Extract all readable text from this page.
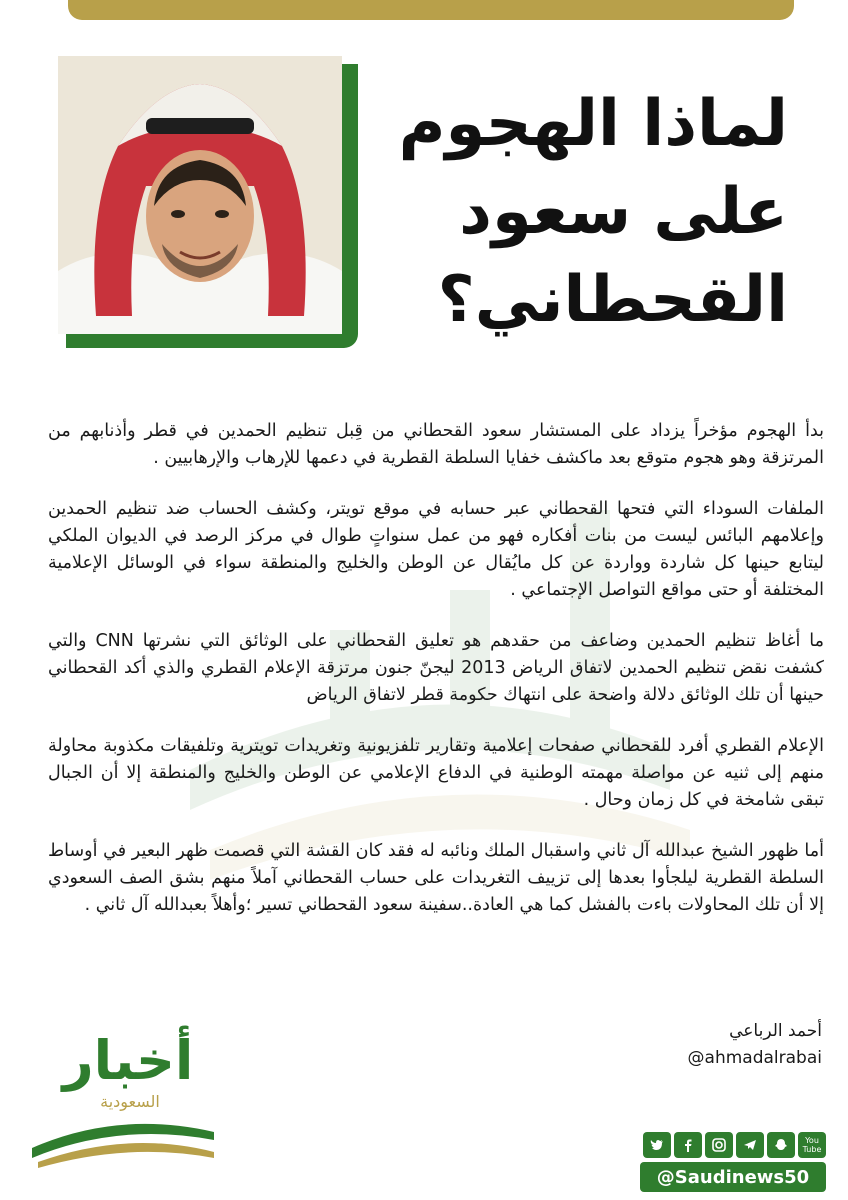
لماذا الهجوم
على سعود
القحطاني؟

بدأ الهجوم مؤخراً يزداد على المستشار سعود القحطاني من قِبل تنظيم الحمدين في قطر وأذنابهم من المرتزقة وهو هجوم متوقع بعد ماكشف خفايا السلطة القطرية في دعمها للإرهاب والإرهابيين .

الملفات السوداء التي فتحها القحطاني عبر حسابه في موقع تويتر، وكشف الحساب ضد تنظيم الحمدين وإعلامهم البائس ليست من بنات أفكاره فهو من عمل سنواتٍ طوال في مركز الرصد في الديوان الملكي ليتابع حينها كل شاردة وواردة عن كل مايُقال عن الوطن والخليج والمنطقة سواء في الوسائل الإعلامية المختلفة أو حتى مواقع التواصل الإجتماعي .

ما أغاظ تنظيم الحمدين وضاعف من حقدهم هو تعليق القحطاني على الوثائق التي نشرتها CNN والتي كشفت نقض تنظيم الحمدين لاتفاق الرياض 2013 ليجنّ جنون مرتزقة الإعلام القطري والذي أكد القحطاني حينها أن تلك الوثائق دلالة واضحة على انتهاك حكومة قطر لاتفاق الرياض

الإعلام القطري أفرد للقحطاني صفحات إعلامية وتقارير تلفزيونية وتغريدات تويترية وتلفيقات مكذوبة محاولة منهم إلى ثنيه عن مواصلة مهمته الوطنية في الدفاع الإعلامي عن الوطن والخليج والمنطقة إلا أن الجبال تبقى شامخة في كل زمان وحال .

أما ظهور الشيخ عبدالله آل ثاني واسقبال الملك ونائبه له فقد كان القشة التي قصمت ظهر البعير في أوساط السلطة القطرية ليلجأوا بعدها إلى تزييف التغريدات على حساب القحطاني آملاً منهم بشق الصف السعودي إلا أن تلك المحاولات باءت بالفشل كما هي العادة..سفينة سعود القحطاني تسير ؛وأهلاً بعبدالله آل ثاني .

أحمد الرباعي
@ahmadalrabai
أخبار
السعودية
You Tube
@Saudinews50
